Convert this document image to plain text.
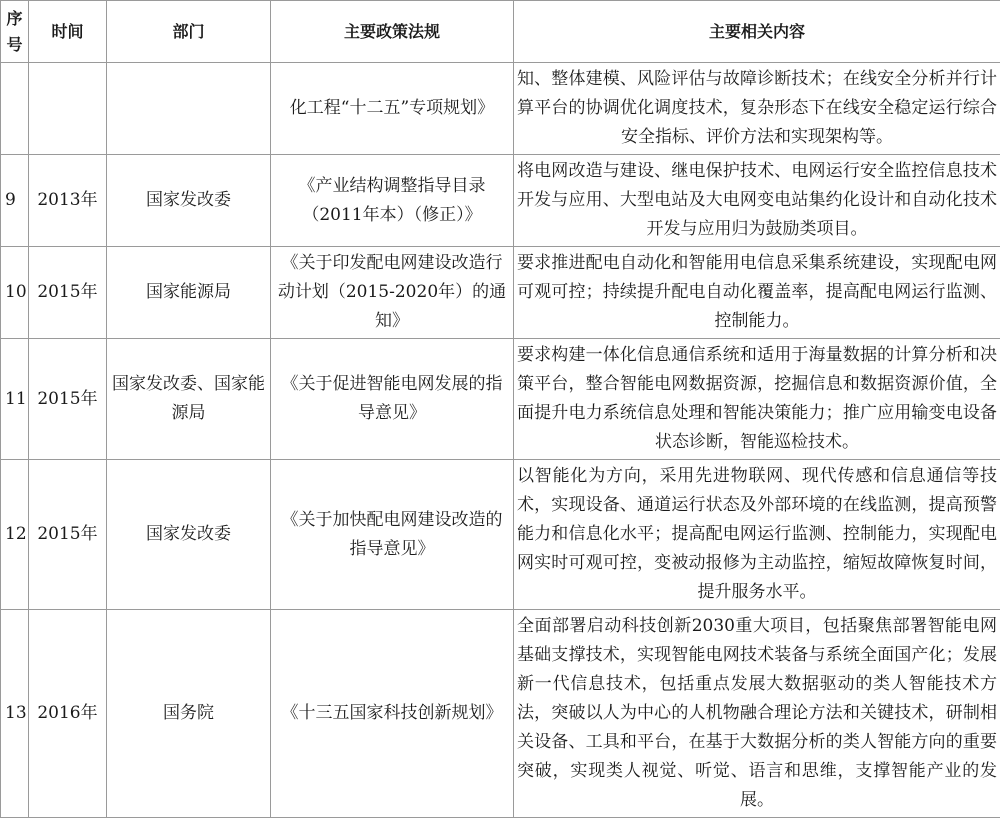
序号	时间	部门	主要政策法规	主要相关内容
			化工程“十二五”专项规划》	知、整体建模、风险评估与故障诊断技术；在线安全分析并行计算平台的协调优化调度技术，复杂形态下在线安全稳定运行综合安全指标、评价方法和实现架构等。
9	2013年	国家发改委	《产业结构调整指导目录（2011年本）（修正）》	将电网改造与建设、继电保护技术、电网运行安全监控信息技术开发与应用、大型电站及大电网变电站集约化设计和自动化技术开发与应用归为鼓励类项目。
10	2015年	国家能源局	《关于印发配电网建设改造行动计划（2015-2020年）的通知》	要求推进配电自动化和智能用电信息采集系统建设，实现配电网可观可控；持续提升配电自动化覆盖率，提高配电网运行监测、控制能力。
11	2015年	国家发改委、国家能源局	《关于促进智能电网发展的指导意见》	要求构建一体化信息通信系统和适用于海量数据的计算分析和决策平台，整合智能电网数据资源，挖掘信息和数据资源价值，全面提升电力系统信息处理和智能决策能力；推广应用输变电设备状态诊断，智能巡检技术。
12	2015年	国家发改委	《关于加快配电网建设改造的指导意见》	以智能化为方向，采用先进物联网、现代传感和信息通信等技术，实现设备、通道运行状态及外部环境的在线监测，提高预警能力和信息化水平；提高配电网运行监测、控制能力，实现配电网实时可观可控，变被动报修为主动监控，缩短故障恢复时间，提升服务水平。
13	2016年	国务院	《十三五国家科技创新规划》	全面部署启动科技创新2030重大项目，包括聚焦部署智能电网基础支撑技术，实现智能电网技术装备与系统全面国产化；发展新一代信息技术，包括重点发展大数据驱动的类人智能技术方法，突破以人为中心的人机物融合理论方法和关键技术，研制相关设备、工具和平台，在基于大数据分析的类人智能方向的重要突破，实现类人视觉、听觉、语言和思维，支撑智能产业的发展。
